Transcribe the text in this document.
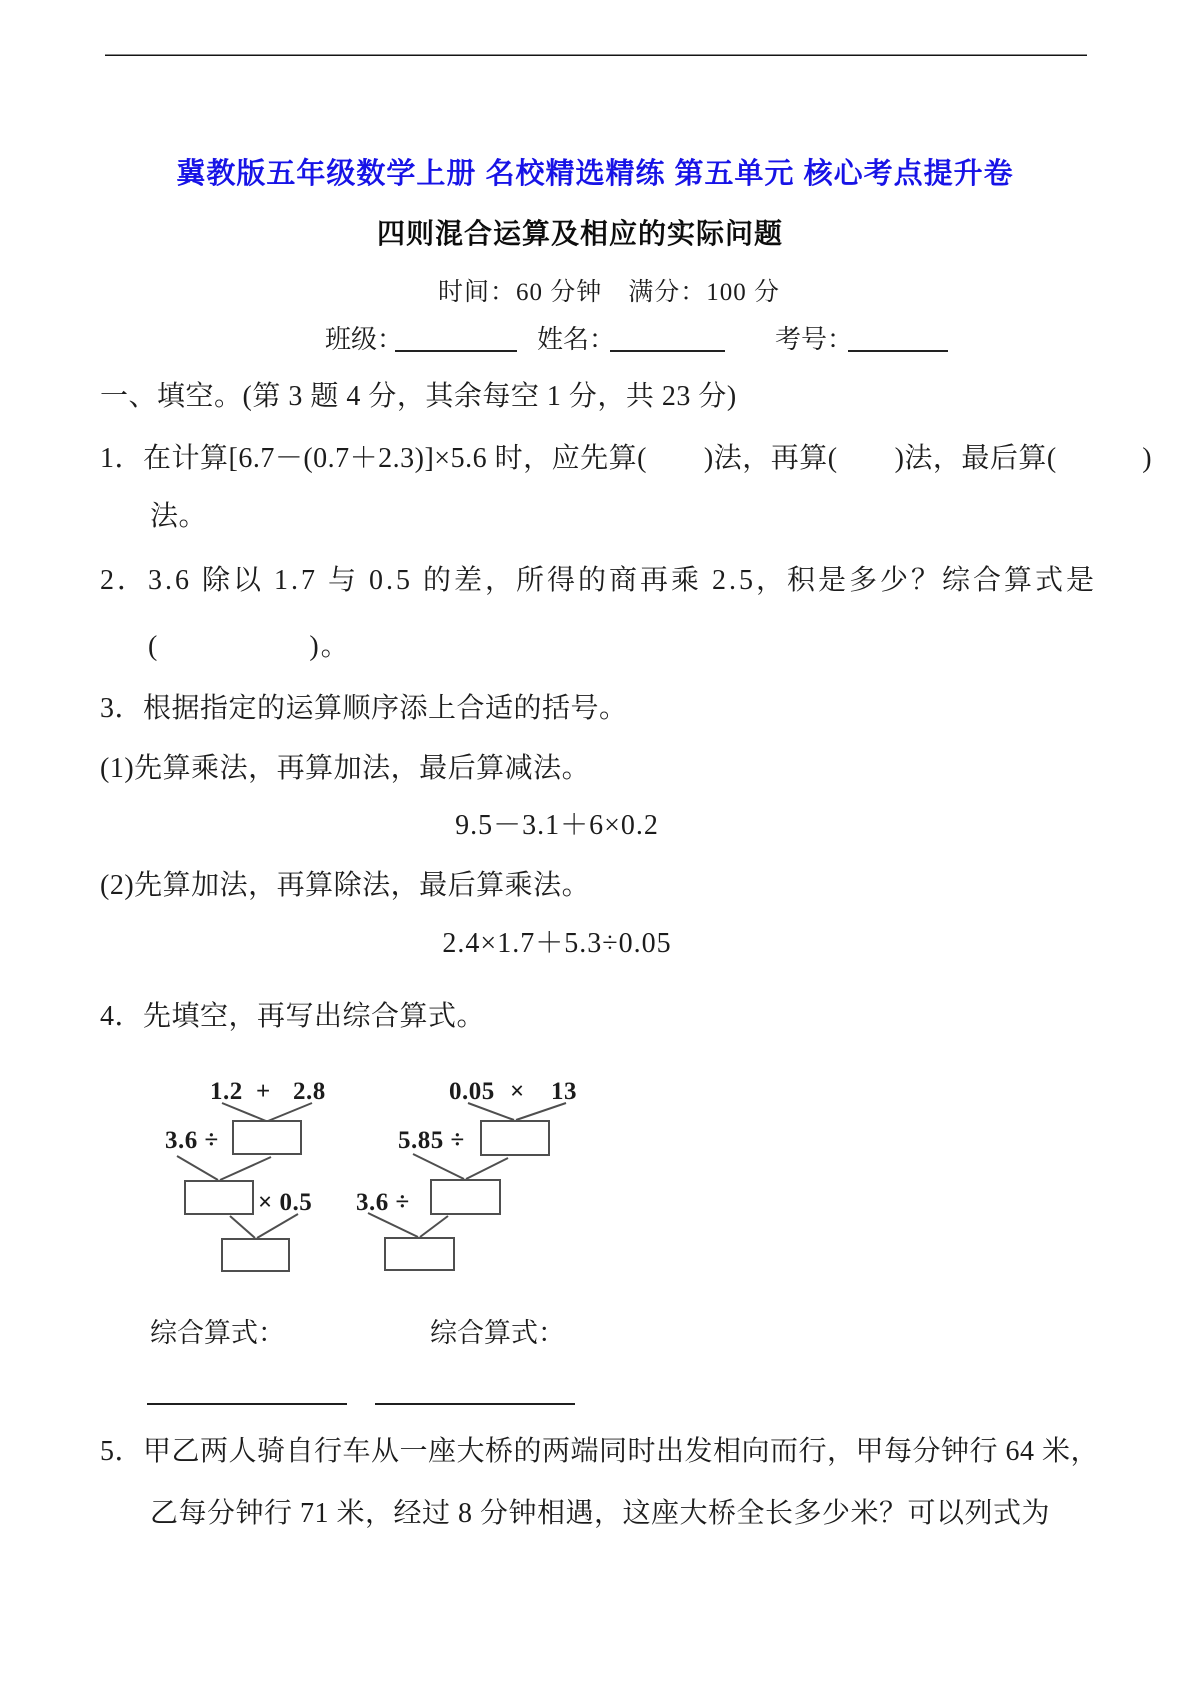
冀教版五年级数学上册 名校精选精练 第五单元 核心考点提升卷
四则混合运算及相应的实际问题
时间：60 分钟　满分：100 分
班级：	姓名：	考号：
一、填空。(第 3 题 4 分，其余每空 1 分，共 23 分)
1．在计算[6.7－(0.7＋2.3)]×5.6 时，应先算(　　)法，再算(　　)法，最后算(　　　)
法。
2．3.6 除以 1.7 与 0.5 的差，所得的商再乘 2.5，积是多少？综合算式是
(　　　　　)。
3．根据指定的运算顺序添上合适的括号。
(1)先算乘法，再算加法，最后算减法。
9.5－3.1＋6×0.2
(2)先算加法，再算除法，最后算乘法。
2.4×1.7＋5.3÷0.05
4．先填空，再写出综合算式。
1.2 + 2.8
3.6 ÷
× 0.5
0.05 × 13
5.85 ÷
3.6 ÷
综合算式：	综合算式：
5．甲乙两人骑自行车从一座大桥的两端同时出发相向而行，甲每分钟行 64 米，
乙每分钟行 71 米，经过 8 分钟相遇，这座大桥全长多少米？可以列式为
